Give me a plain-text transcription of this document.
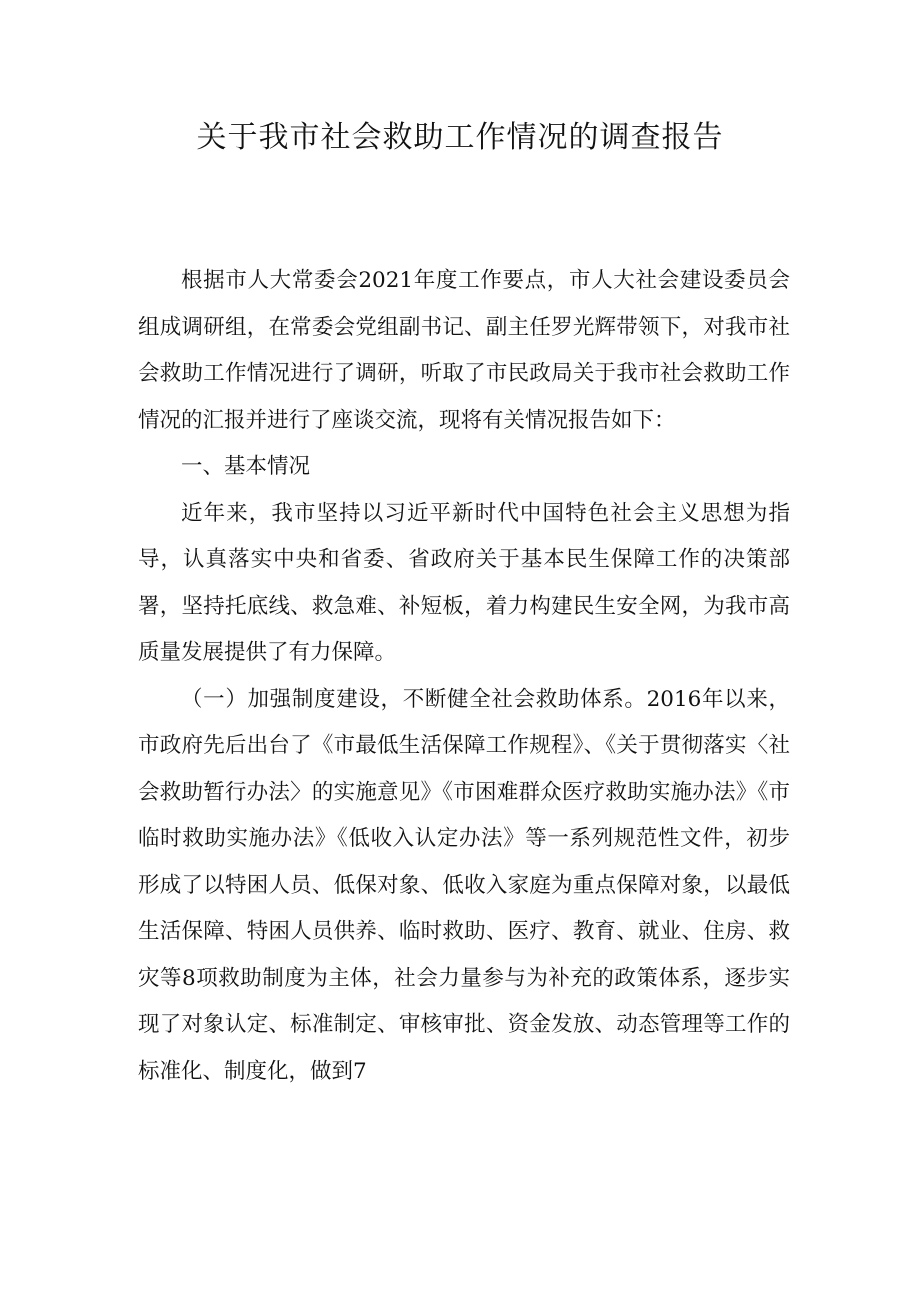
关于我市社会救助工作情况的调查报告

根据市人大常委会2021年度工作要点，市人大社会建设委员会组成调研组，在常委会党组副书记、副主任罗光辉带领下，对我市社会救助工作情况进行了调研，听取了市民政局关于我市社会救助工作情况的汇报并进行了座谈交流，现将有关情况报告如下：

一、基本情况

近年来，我市坚持以习近平新时代中国特色社会主义思想为指导，认真落实中央和省委、省政府关于基本民生保障工作的决策部署，坚持托底线、救急难、补短板，着力构建民生安全网，为我市高质量发展提供了有力保障。

（一）加强制度建设，不断健全社会救助体系。2016年以来，市政府先后出台了《市最低生活保障工作规程》、《关于贯彻落实〈社会救助暂行办法〉的实施意见》《市困难群众医疗救助实施办法》《市临时救助实施办法》《低收入认定办法》等一系列规范性文件，初步形成了以特困人员、低保对象、低收入家庭为重点保障对象，以最低生活保障、特困人员供养、临时救助、医疗、教育、就业、住房、救灾等8项救助制度为主体，社会力量参与为补充的政策体系，逐步实现了对象认定、标准制定、审核审批、资金发放、动态管理等工作的标准化、制度化，做到7
